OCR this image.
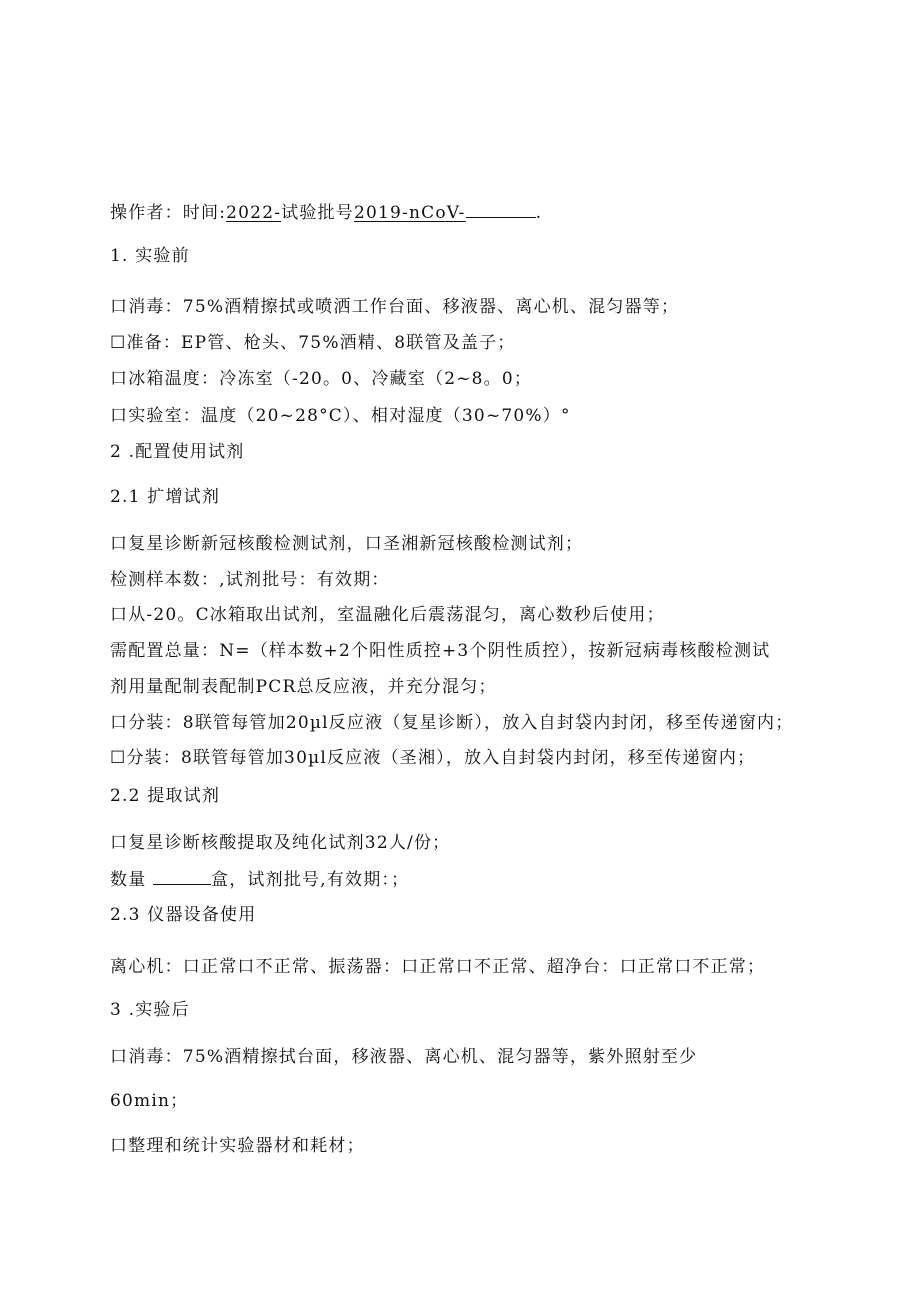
操作者：时间:2022-试验批号2019-nCoV-	.
1. 实验前
口消毒：75%酒精擦拭或喷洒工作台面、移液器、离心机、混匀器等；
☐准备：EP管、枪头、75%酒精、8联管及盖子；
口冰箱温度：冷冻室（-20。0、冷藏室（2~8。0；
口实验室：温度（20~28°C）、相对湿度（30~70%）°
2 .配置使用试剂
2.1 扩增试剂
口复星诊断新冠核酸检测试剂，口圣湘新冠核酸检测试剂；
检测样本数：,试剂批号：有效期：
口从-20。C冰箱取出试剂，室温融化后震荡混匀，离心数秒后使用；
需配置总量：N=（样本数+2个阳性质控+3个阴性质控），按新冠病毒核酸检测试
剂用量配制表配制PCR总反应液，并充分混匀；
口分装：8联管每管加20µl反应液（复星诊断），放入自封袋内封闭，移至传递窗内；
☐分装：8联管每管加30µl反应液（圣湘），放入自封袋内封闭，移至传递窗内；
2.2 提取试剂
口复星诊断核酸提取及纯化试剂32人/份；
数量	盒，试剂批号,有效期：；
2.3 仪器设备使用
离心机：口正常口不正常、振荡器：口正常口不正常、超净台：口正常口不正常；
3 .实验后
口消毒：75%酒精擦拭台面，移液器、离心机、混匀器等，紫外照射至少
60min；
口整理和统计实验器材和耗材；
